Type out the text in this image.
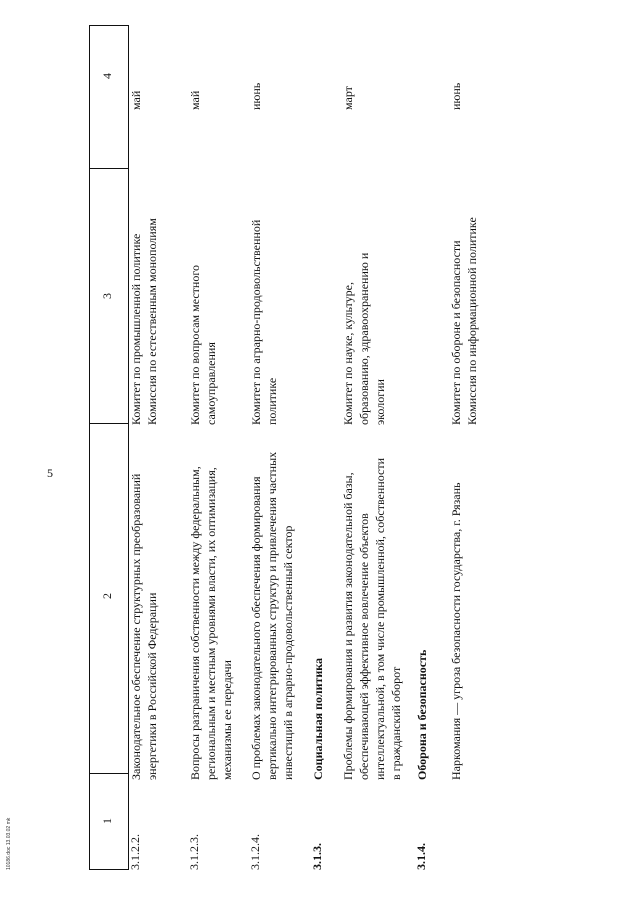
5
10186.doc 13.03.02 mk	1
2
3
4
3.1.2.2.
Законодательное обеспечение структурных преобразований энергетики в Российской Федерации
Комитет по промышленной политике
Комиссия по естественным монополиям
май
3.1.2.3.
Вопросы разграничения собственности между федеральным, региональным и местным уровнями власти, их оптимизация, механизмы ее передачи
Комитет по вопросам местного самоуправления
май
3.1.2.4.
О проблемах законодательного обеспечения формирования вертикально интегрированных структур и привлечения частных инвестиций в аграрно-продовольственный сектор
Комитет по аграрно-продовольственной политике
июнь
3.1.3.
Социальная политика Проблемы формирования и развития законодательной базы, обеспечивающей эффективное вовлечение объектов интеллектуальной, в том числе промышленной, собственности в гражданский оборот
Комитет по науке, культуре, образованию, здравоохранению и экологии
март
3.1.4.
Оборона и безопасность Наркомания — угроза безопасности государства, г. Рязань
Комитет по обороне и безопасности
Комиссия по информационной политике
июнь
